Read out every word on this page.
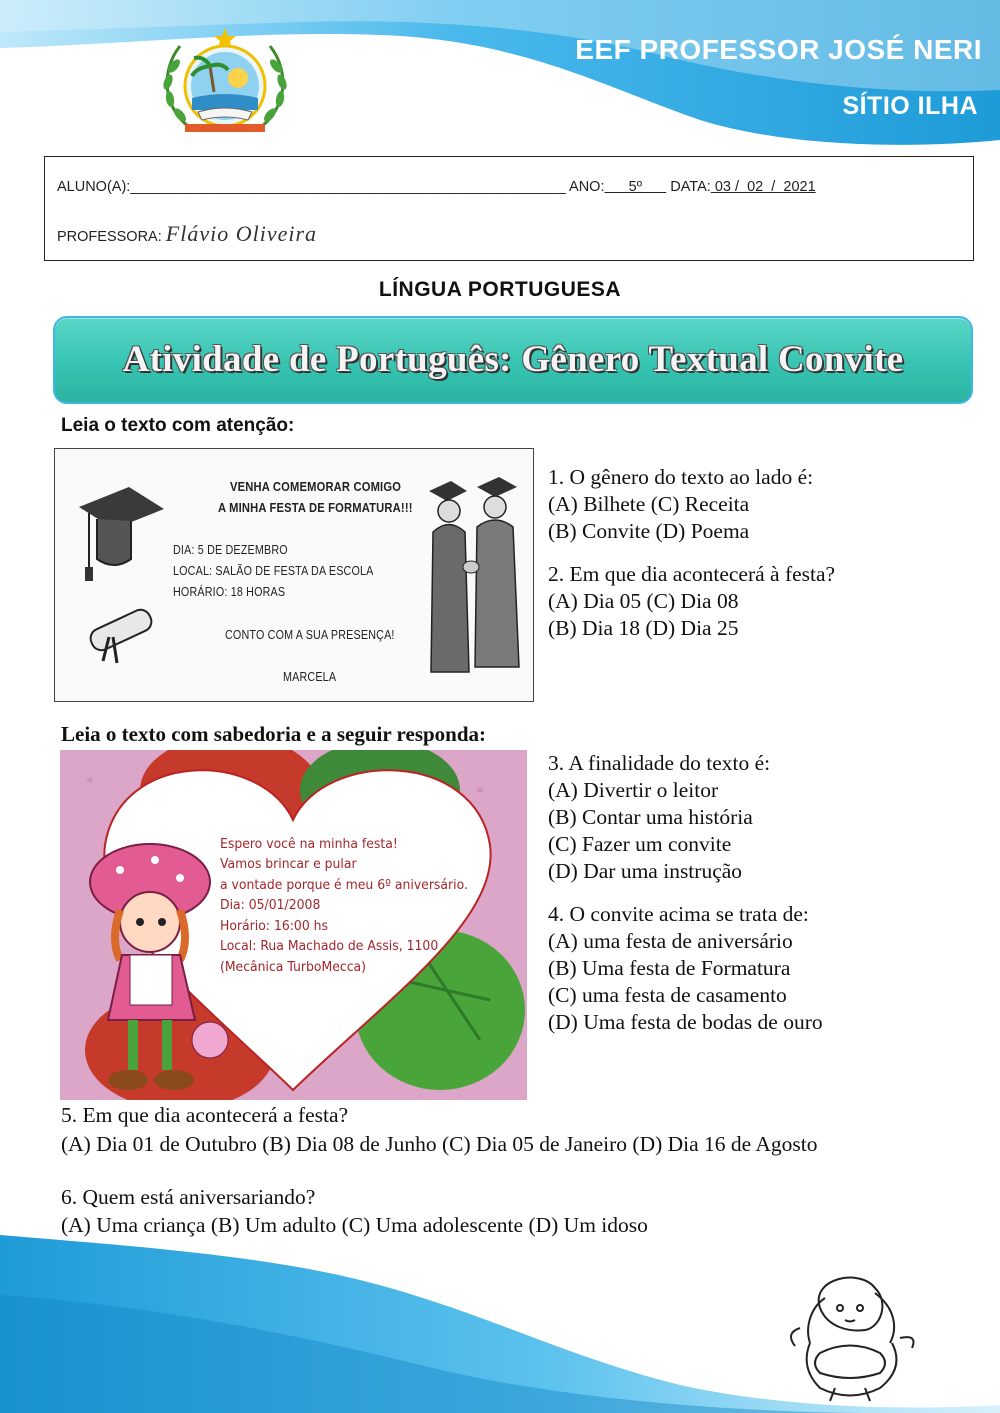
EEF PROFESSOR JOSÉ NERI
SÍTIO ILHA
ALUNO(A):______________________________________________________ ANO: 5º DATA: 03 /  02  /  2021
PROFESSORA: Flávio Oliveira
LÍNGUA PORTUGUESA
Atividade de Português: Gênero Textual Convite
Leia o texto com atenção:
VENHA COMEMORAR COMIGO
A MINHA FESTA DE FORMATURA!!!
DIA: 5 DE DEZEMBRO
LOCAL: SALÃO DE FESTA DA ESCOLA
HORÁRIO: 18 HORAS
CONTO COM A SUA PRESENÇA!
MARCELA
1. O gênero do texto ao lado é:
(A) Bilhete (C) Receita
(B) Convite (D) Poema
2. Em que dia acontecerá à festa?
(A) Dia 05 (C) Dia 08
(B) Dia 18 (D) Dia 25
Leia o texto com sabedoria e a seguir responda:
Espero você na minha festa!
Vamos brincar e pular
a vontade porque é meu 6º aniversário.
Dia: 05/01/2008
Horário: 16:00 hs
Local: Rua Machado de Assis, 1100
(Mecânica TurboMecca)
3. A finalidade do texto é:
(A) Divertir o leitor
(B) Contar uma história
(C) Fazer um convite
(D) Dar uma instrução
4. O convite acima se trata de:
(A) uma festa de aniversário
(B) Uma festa de Formatura
(C) uma festa de casamento
(D) Uma festa de bodas de ouro
5. Em que dia acontecerá a festa?
(A) Dia 01 de Outubro (B) Dia 08 de Junho (C) Dia 05 de Janeiro (D) Dia 16 de Agosto
6. Quem está aniversariando?
(A) Uma criança (B) Um adulto (C) Uma adolescente (D) Um idoso
